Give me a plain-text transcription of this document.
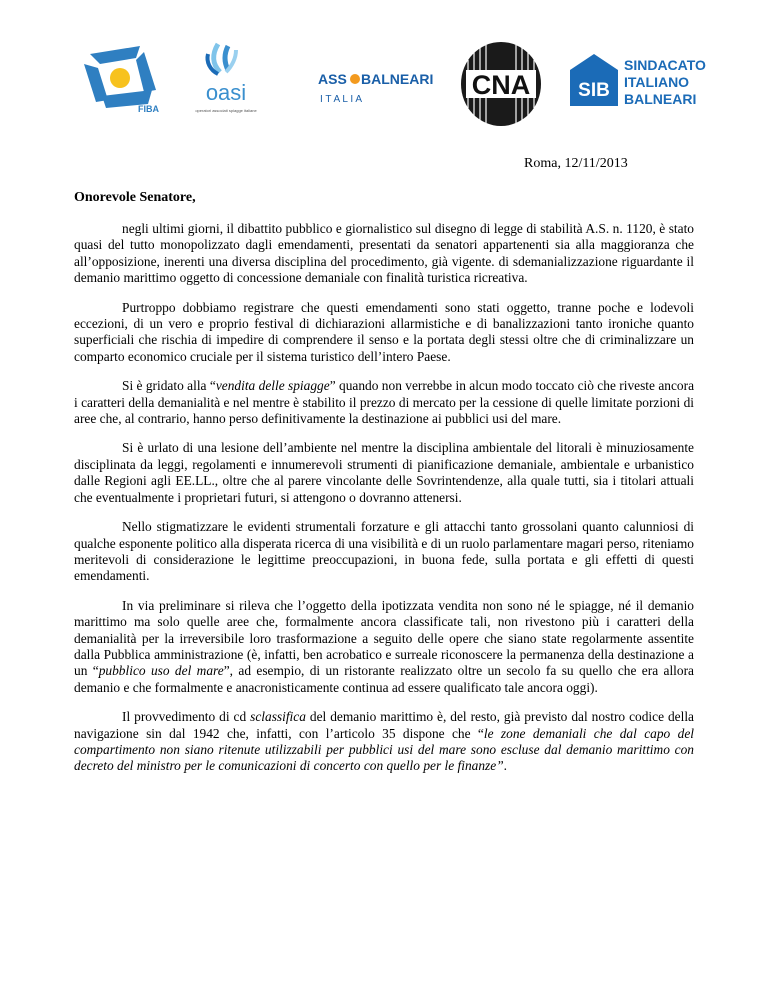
FIBA
oasi
operatori associati spiagge italiane
ASS BALNEARI
I T A L I A	CNA	SIB
SINDACATO
ITALIANO
BALNEARI
Roma, 12/11/2013
Onorevole Senatore,

negli ultimi giorni, il dibattito pubblico e giornalistico sul disegno di legge di stabilità A.S. n. 1120, è stato quasi del tutto monopolizzato dagli emendamenti, presentati da senatori appartenenti sia alla maggioranza che all’opposizione, inerenti una diversa disciplina del procedimento, già vigente. di sdemanializzazione riguardante il demanio marittimo oggetto di concessione demaniale con finalità turistica ricreativa.

Purtroppo dobbiamo registrare che questi emendamenti sono stati oggetto, tranne poche e lodevoli eccezioni, di un vero e proprio festival di dichiarazioni allarmistiche e di banalizzazioni tanto ironiche quanto superficiali che rischia di impedire di comprendere il senso e la portata degli stessi oltre che di criminalizzare un comparto economico cruciale per il sistema turistico dell’intero Paese.

Si è gridato alla “vendita delle spiagge” quando non verrebbe in alcun modo toccato ciò che riveste ancora i caratteri della demanialità e nel mentre è stabilito il prezzo di mercato per la cessione di quelle limitate porzioni di aree che, al contrario, hanno perso definitivamente la destinazione ai pubblici usi del mare.

Si è urlato di una lesione dell’ambiente nel mentre la disciplina ambientale del litorali è minuziosamente disciplinata da leggi, regolamenti e innumerevoli strumenti di pianificazione demaniale, ambientale e urbanistico dalle Regioni agli EE.LL., oltre che al parere vincolante delle Sovrintendenze, alla quale tutti, sia i titolari attuali che eventualmente i proprietari futuri, si attengono o dovranno attenersi.

Nello stigmatizzare le evidenti strumentali forzature e gli attacchi tanto grossolani quanto calunniosi di qualche esponente politico alla disperata ricerca di una visibilità e di un ruolo parlamentare magari perso, riteniamo meritevoli di considerazione le legittime preoccupazioni, in buona fede, sulla portata e gli effetti di questi emendamenti.

In via preliminare si rileva che l’oggetto della ipotizzata vendita non sono né le spiagge, né il demanio marittimo ma solo quelle aree che, formalmente ancora classificate tali, non rivestono più i caratteri della demanialità per la irreversibile loro trasformazione a seguito delle opere che siano state regolarmente assentite dalla Pubblica amministrazione (è, infatti, ben acrobatico e surreale riconoscere la permanenza della destinazione a un “pubblico uso del mare”, ad esempio, di un ristorante realizzato oltre un secolo fa su quello che era allora demanio e che formalmente e anacronisticamente continua ad essere qualificato tale ancora oggi).

Il provvedimento di cd sclassifica del demanio marittimo è, del resto, già previsto dal nostro codice della navigazione sin dal 1942 che, infatti, con l’articolo 35 dispone che “le zone demaniali che dal capo del compartimento non siano ritenute utilizzabili per pubblici usi del mare sono escluse dal demanio marittimo con decreto del ministro per le comunicazioni di concerto con quello per le finanze”.
